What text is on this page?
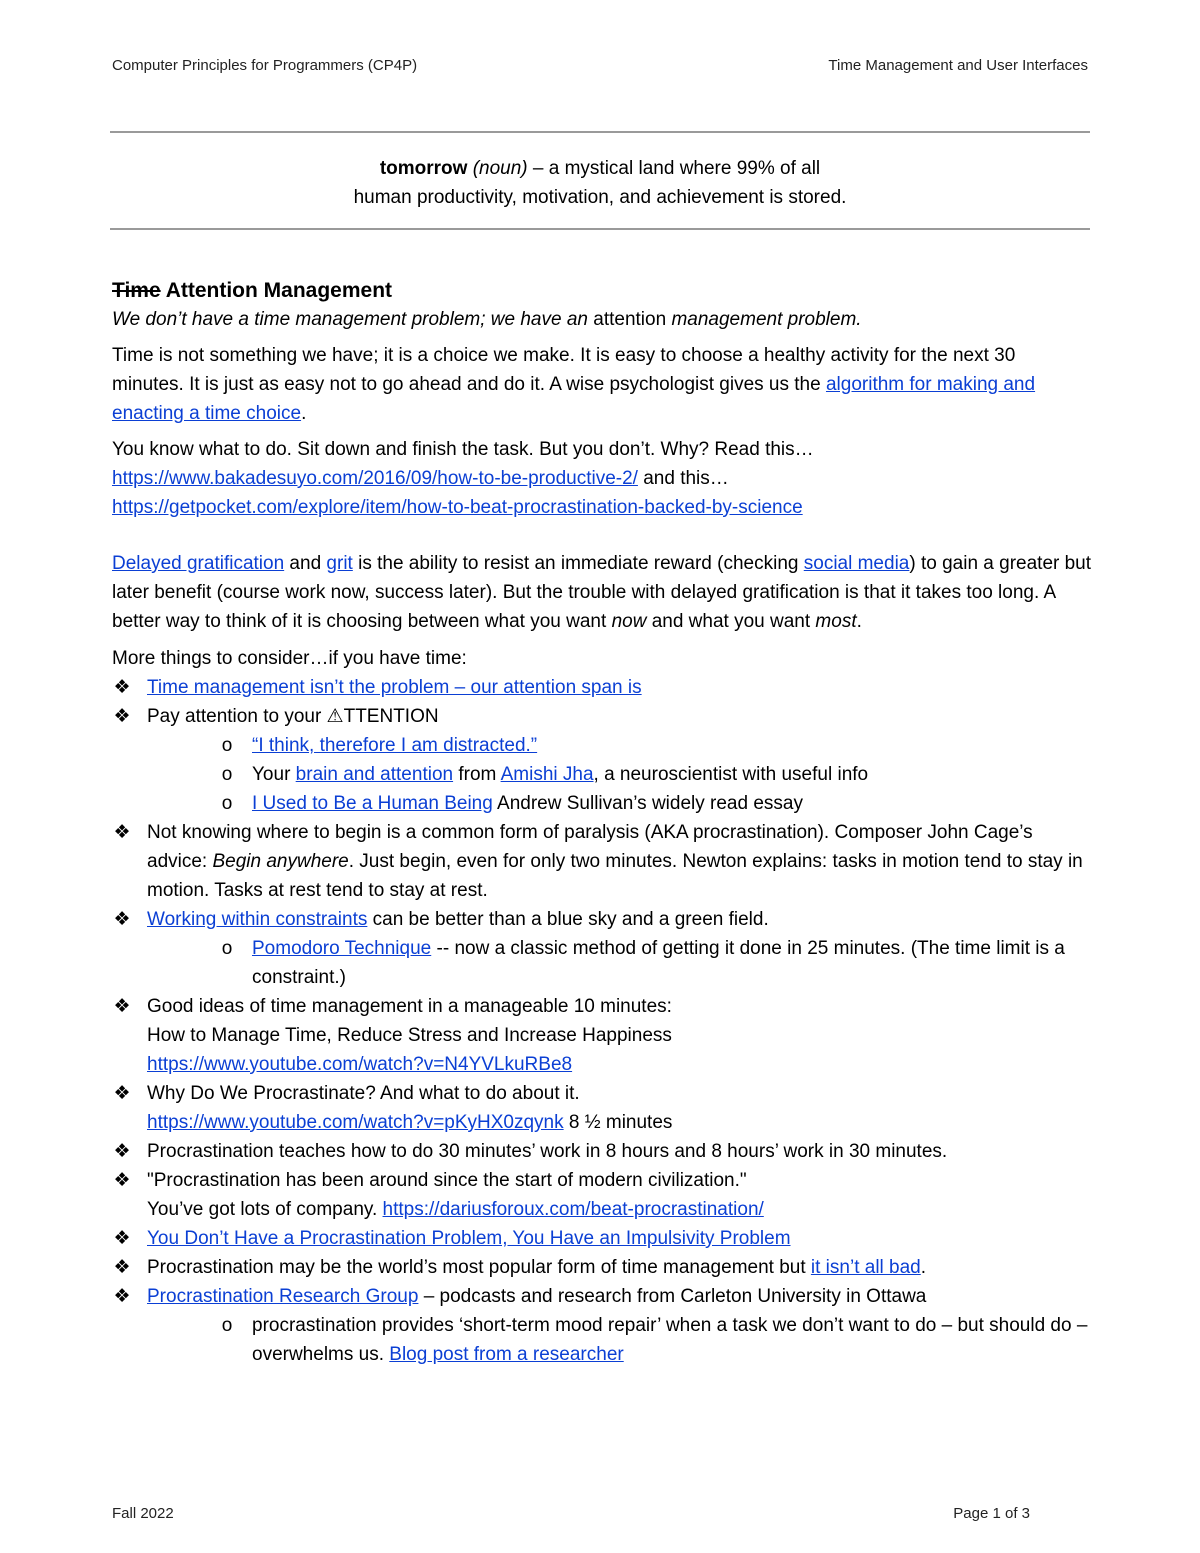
Computer Principles for Programmers (CP4P)	Time Management and User Interfaces
tomorrow (noun) – a mystical land where 99% of all
human productivity, motivation, and achievement is stored.

Time Attention Management

We don’t have a time management problem; we have an attention management problem.

Time is not something we have; it is a choice we make. It is easy to choose a healthy activity for the next 30 minutes. It is just as easy not to go ahead and do it. A wise psychologist gives us the algorithm for making and enacting a time choice.

You know what to do. Sit down and finish the task. But you don’t. Why? Read this…
https://www.bakadesuyo.com/2016/09/how-to-be-productive-2/ and this…
https://getpocket.com/explore/item/how-to-beat-procrastination-backed-by-science

Delayed gratification and grit is the ability to resist an immediate reward (checking social media) to gain a greater but later benefit (course work now, success later). But the trouble with delayed gratification is that it takes too long. A better way to think of it is choosing between what you want now and what you want most.

More things to consider…if you have time:

❖ Time management isn’t the problem – our attention span is
❖ Pay attention to your ⚠TTENTION
o “I think, therefore I am distracted.”
o Your brain and attention from Amishi Jha, a neuroscientist with useful info
o I Used to Be a Human Being Andrew Sullivan’s widely read essay
❖ Not knowing where to begin is a common form of paralysis (AKA procrastination). Composer John Cage’s advice: Begin anywhere. Just begin, even for only two minutes. Newton explains: tasks in motion tend to stay in motion. Tasks at rest tend to stay at rest.
❖ Working within constraints can be better than a blue sky and a green field.
o Pomodoro Technique -- now a classic method of getting it done in 25 minutes. (The time limit is a constraint.)
❖ Good ideas of time management in a manageable 10 minutes:
How to Manage Time, Reduce Stress and Increase Happiness
https://www.youtube.com/watch?v=N4YVLkuRBe8
❖ Why Do We Procrastinate? And what to do about it.
https://www.youtube.com/watch?v=pKyHX0zqynk 8 ½ minutes
❖ Procrastination teaches how to do 30 minutes’ work in 8 hours and 8 hours’ work in 30 minutes.
❖ "Procrastination has been around since the start of modern civilization."
You’ve got lots of company. https://dariusforoux.com/beat-procrastination/
❖ You Don’t Have a Procrastination Problem, You Have an Impulsivity Problem
❖ Procrastination may be the world’s most popular form of time management but it isn’t all bad.
❖ Procrastination Research Group – podcasts and research from Carleton University in Ottawa
o procrastination provides ‘short-term mood repair’ when a task we don’t want to do – but should do – overwhelms us. Blog post from a researcher
Fall 2022	Page 1 of 3
